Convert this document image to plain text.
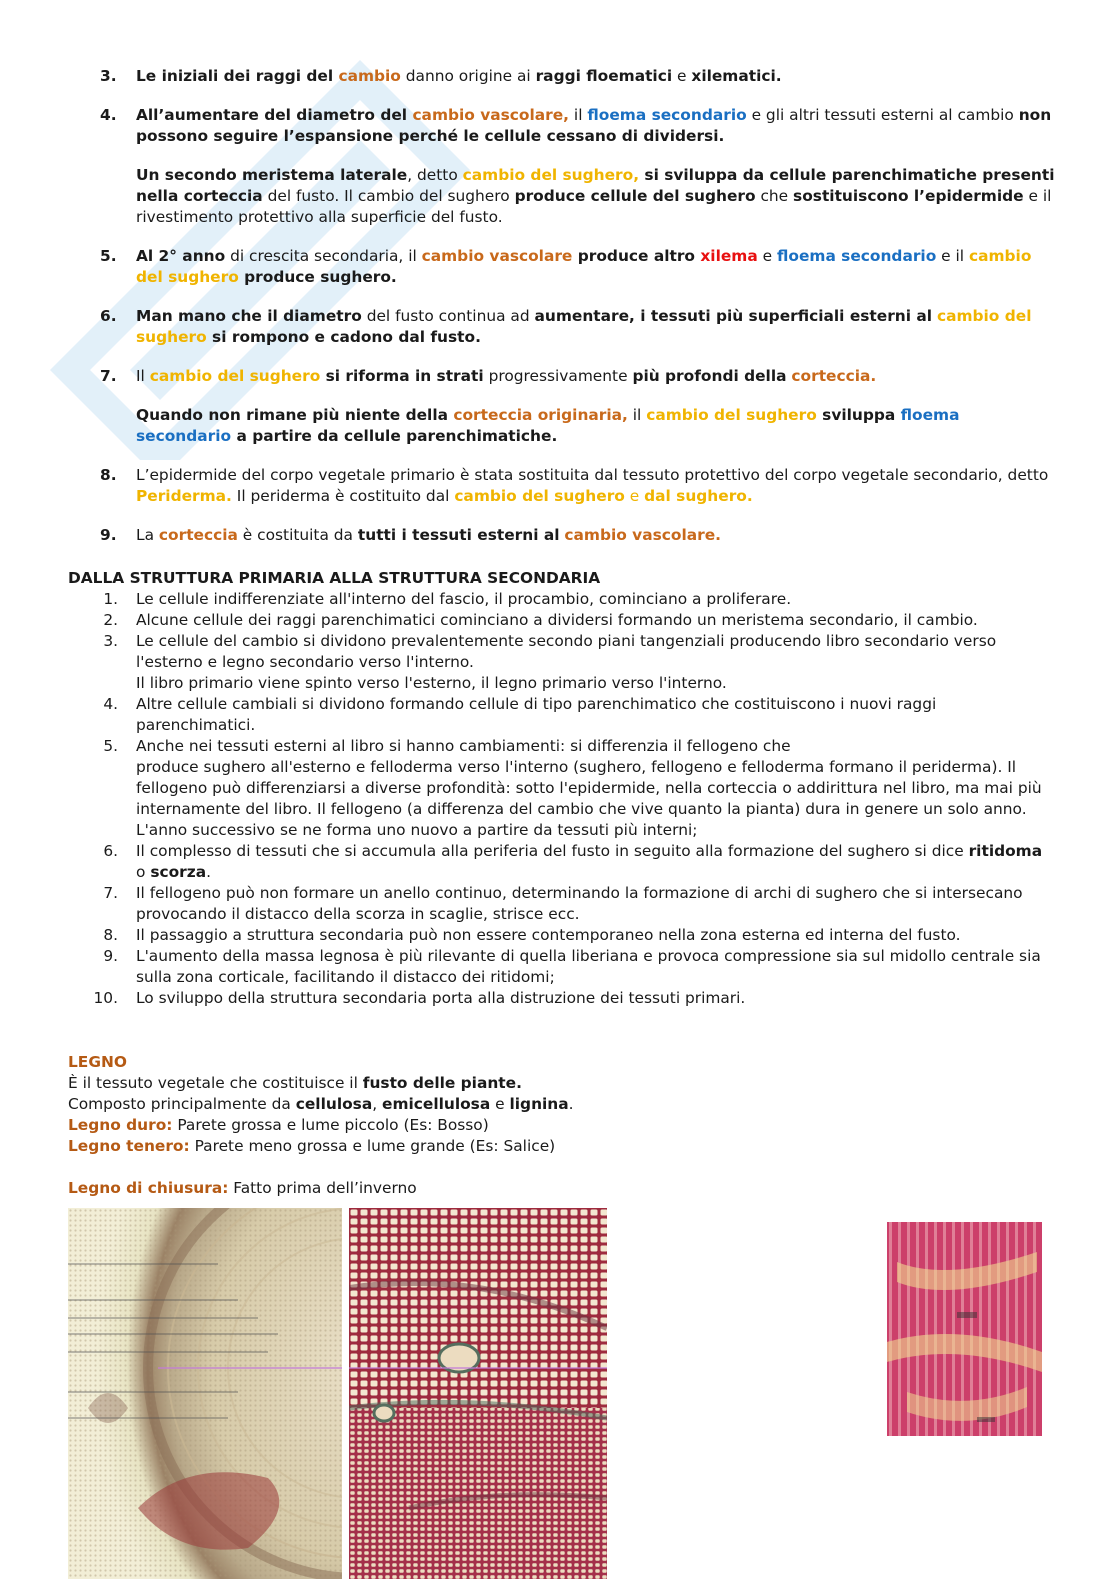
3. Le iniziali dei raggi del cambio danno origine ai raggi floematici e xilematici.

4. All’aumentare del diametro del cambio vascolare, il floema secondario e gli altri tessuti esterni al cambio non possono seguire l’espansione perché le cellule cessano di dividersi.

Un secondo meristema laterale, detto cambio del sughero, si sviluppa da cellule parenchimatiche presenti nella corteccia del fusto. Il cambio del sughero produce cellule del sughero che sostituiscono l’epidermide e il rivestimento protettivo alla superficie del fusto.

5. Al 2° anno di crescita secondaria, il cambio vascolare produce altro xilema e floema secondario e il cambio del sughero produce sughero.

6. Man mano che il diametro del fusto continua ad aumentare, i tessuti più superficiali esterni al cambio del sughero si rompono e cadono dal fusto.

7. Il cambio del sughero si riforma in strati progressivamente più profondi della corteccia.

Quando non rimane più niente della corteccia originaria, il cambio del sughero sviluppa floema secondario a partire da cellule parenchimatiche.

8. L’epidermide del corpo vegetale primario è stata sostituita dal tessuto protettivo del corpo vegetale secondario, detto Periderma. Il periderma è costituito dal cambio del sughero e dal sughero.

9. La corteccia è costituita da tutti i tessuti esterni al cambio vascolare.

DALLA STRUTTURA PRIMARIA ALLA STRUTTURA SECONDARIA
1. Le cellule indifferenziate all'interno del fascio, il procambio, cominciano a proliferare.

2. Alcune cellule dei raggi parenchimatici cominciano a dividersi formando un meristema secondario, il cambio.

3. Le cellule del cambio si dividono prevalentemente secondo piani tangenziali producendo libro secondario verso l'esterno e legno secondario verso l'interno.

Il libro primario viene spinto verso l'esterno, il legno primario verso l'interno.

4. Altre cellule cambiali si dividono formando cellule di tipo parenchimatico che costituiscono i nuovi raggi parenchimatici.

5. Anche nei tessuti esterni al libro si hanno cambiamenti: si differenzia il fellogeno che

produce sughero all'esterno e felloderma verso l'interno (sughero, fellogeno e felloderma formano il periderma). Il fellogeno può differenziarsi a diverse profondità: sotto l'epidermide, nella corteccia o addirittura nel libro, ma mai più internamente del libro. Il fellogeno (a differenza del cambio che vive quanto la pianta) dura in genere un solo anno. L'anno successivo se ne forma uno nuovo a partire da tessuti più interni;

6. Il complesso di tessuti che si accumula alla periferia del fusto in seguito alla formazione del sughero si dice ritidoma o scorza.

7. Il fellogeno può non formare un anello continuo, determinando la formazione di archi di sughero che si intersecano provocando il distacco della scorza in scaglie, strisce ecc.

8. Il passaggio a struttura secondaria può non essere contemporaneo nella zona esterna ed interna del fusto.

9. L'aumento della massa legnosa è più rilevante di quella liberiana e provoca compressione sia sul midollo centrale sia sulla zona corticale, facilitando il distacco dei ritidomi;

10. Lo sviluppo della struttura secondaria porta alla distruzione dei tessuti primari.

LEGNO

È il tessuto vegetale che costituisce il fusto delle piante.

Composto principalmente da cellulosa, emicellulosa e lignina.

Legno duro: Parete grossa e lume piccolo (Es: Bosso)

Legno tenero: Parete meno grossa e lume grande (Es: Salice)

Legno di chiusura: Fatto prima dell’inverno
